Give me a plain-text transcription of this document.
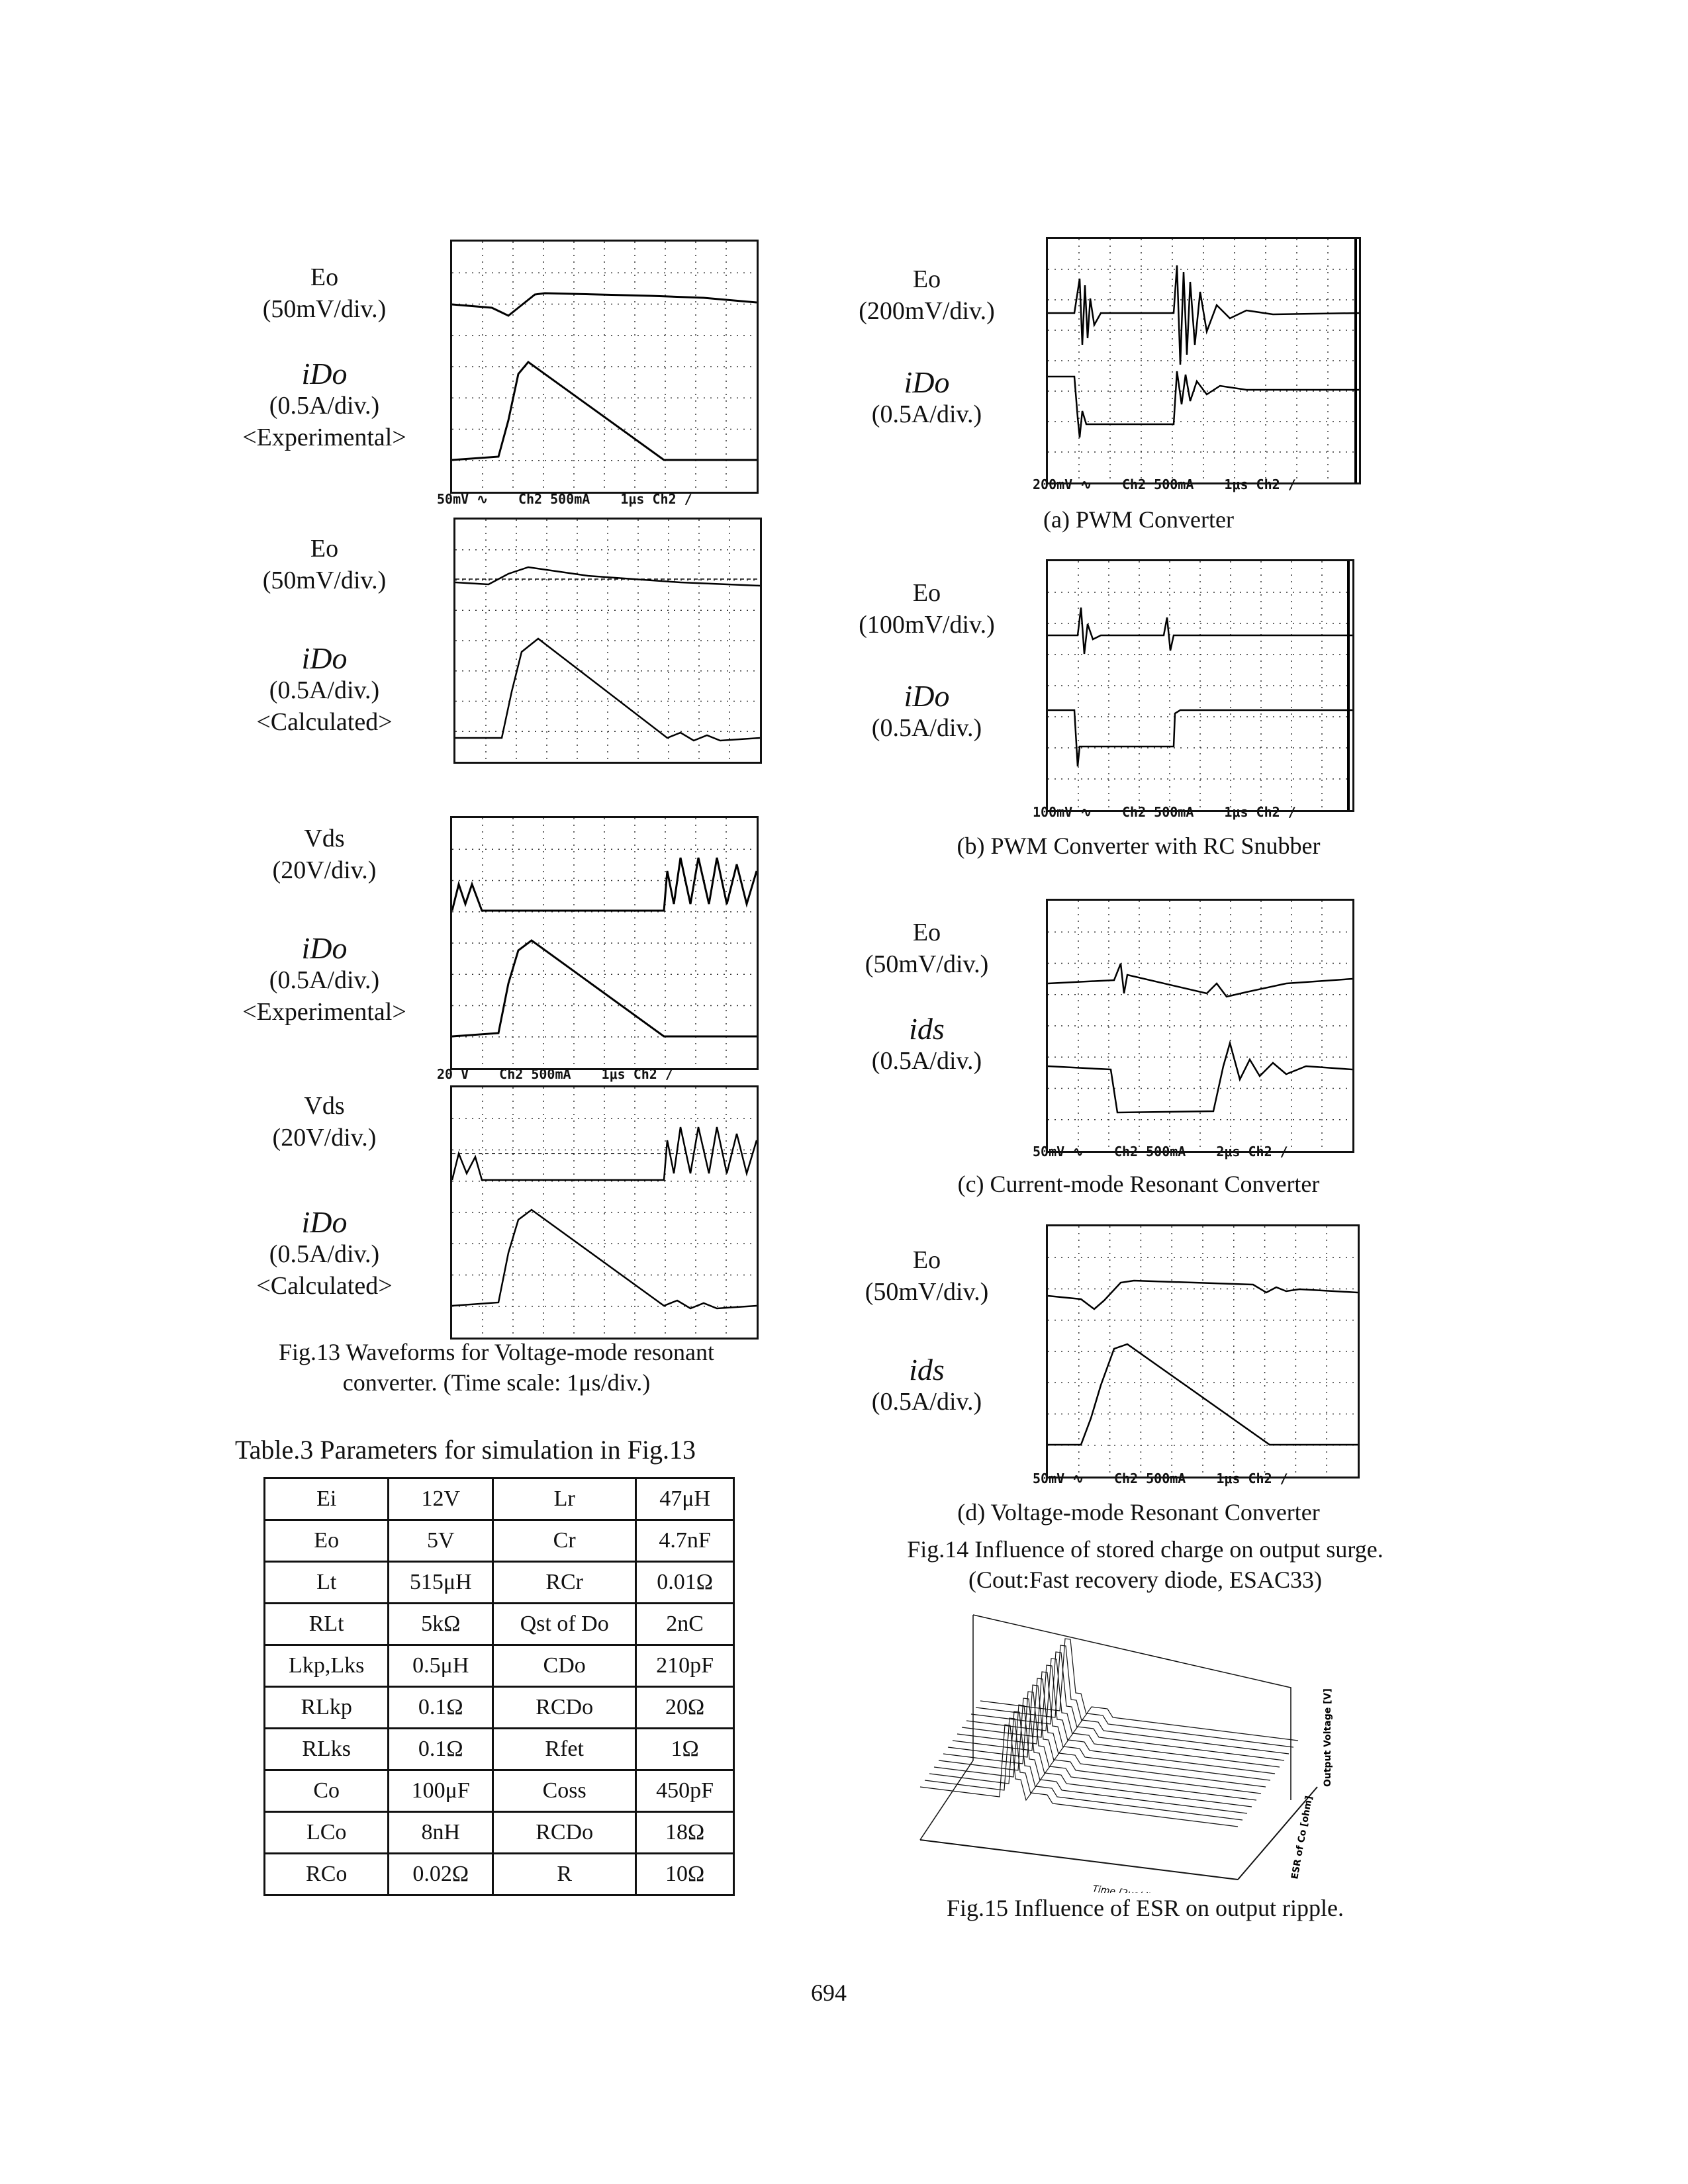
Eo
(50mV/div.)
iDo
(0.5A/div.)
<Experimental>
50mV ∿ Ch2 500mA 1μs Ch2 ∕
Eo
(50mV/div.)
iDo
(0.5A/div.)
<Calculated>
Vds
(20V/div.)
iDo
(0.5A/div.)
<Experimental>
20 V Ch2 500mA 1μs Ch2 ∕
Vds
(20V/div.)
iDo
(0.5A/div.)
<Calculated>
Fig.13 Waveforms for Voltage-mode resonant
converter. (Time scale: 1μs/div.)
Table.3 Parameters for simulation in Fig.13
Ei	12V	Lr	47μH
Eo	5V	Cr	4.7nF
Lt	515μH	RCr	0.01Ω
RLt	5kΩ	Qst of Do	2nC
Lkp,Lks	0.5μH	CDo	210pF
RLkp	0.1Ω	RCDo	20Ω
RLks	0.1Ω	Rfet	1Ω
Co	100μF	Coss	450pF
LCo	8nH	RCDo	18Ω
RCo	0.02Ω	R	10Ω
Eo
(200mV/div.)
iDo
(0.5A/div.)
200mV ∿ Ch2 500mA 1μs Ch2 ∕
(a) PWM Converter
Eo
(100mV/div.)
iDo
(0.5A/div.)
100mV ∿ Ch2 500mA 1μs Ch2 ∕
(b) PWM Converter with RC Snubber
Eo
(50mV/div.)
ids
(0.5A/div.)
50mV ∿ Ch2 500mA 2μs Ch2 ∕
(c) Current-mode Resonant Converter
Eo
(50mV/div.)
ids
(0.5A/div.)
50mV ∿ Ch2 500mA 1μs Ch2 ∕
(d) Voltage-mode Resonant Converter
Fig.14 Influence of stored charge on output surge.
(Cout:Fast recovery diode, ESAC33)
ESR of Co [ohm]
Output Voltage [V]
Fig.15 Influence of ESR on output ripple.
694
